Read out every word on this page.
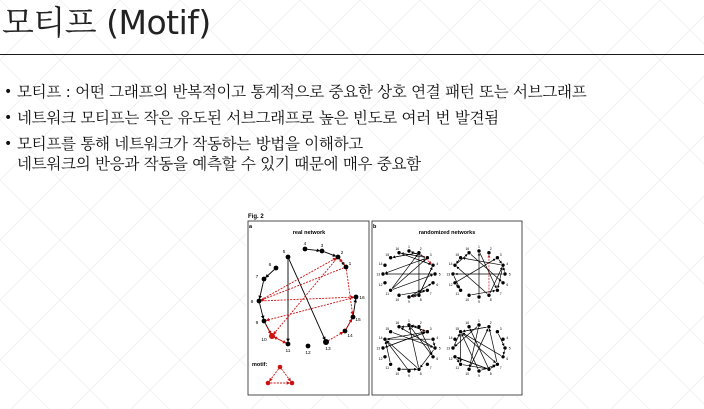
모티프 (Motif)
• 모티프 : 어떤 그래프의 반복적이고 통계적으로 중요한 상호 연결 패턴 또는 서브그래프
• 네트워크 모티프는 작은 유도된 서브그래프로 높은 빈도로 여러 번 발견됨
• 모티프를 통해 네트워크가 작동하는 방법을 이해하고
네트워크의 반응과 작동을 예측할 수 있기 때문에 매우 중요함
Fig. 2
a
real network
b
randomized networks
motif:
1
2
3
4
5
6
7
8
9
10
11	12
13
14
15
16
1
2
3
4
5
6
7
8
9
10
11
12
13
14
15
16
1
2
3
4
5
6
7
8
9
10
11
12
13
14
15
16
1
2
3
4
5
6
7
8
9
10
11
12
13
14
15
16
1
2
3
4
5
6
7
8
9
10
11
12
13
14
15
16
